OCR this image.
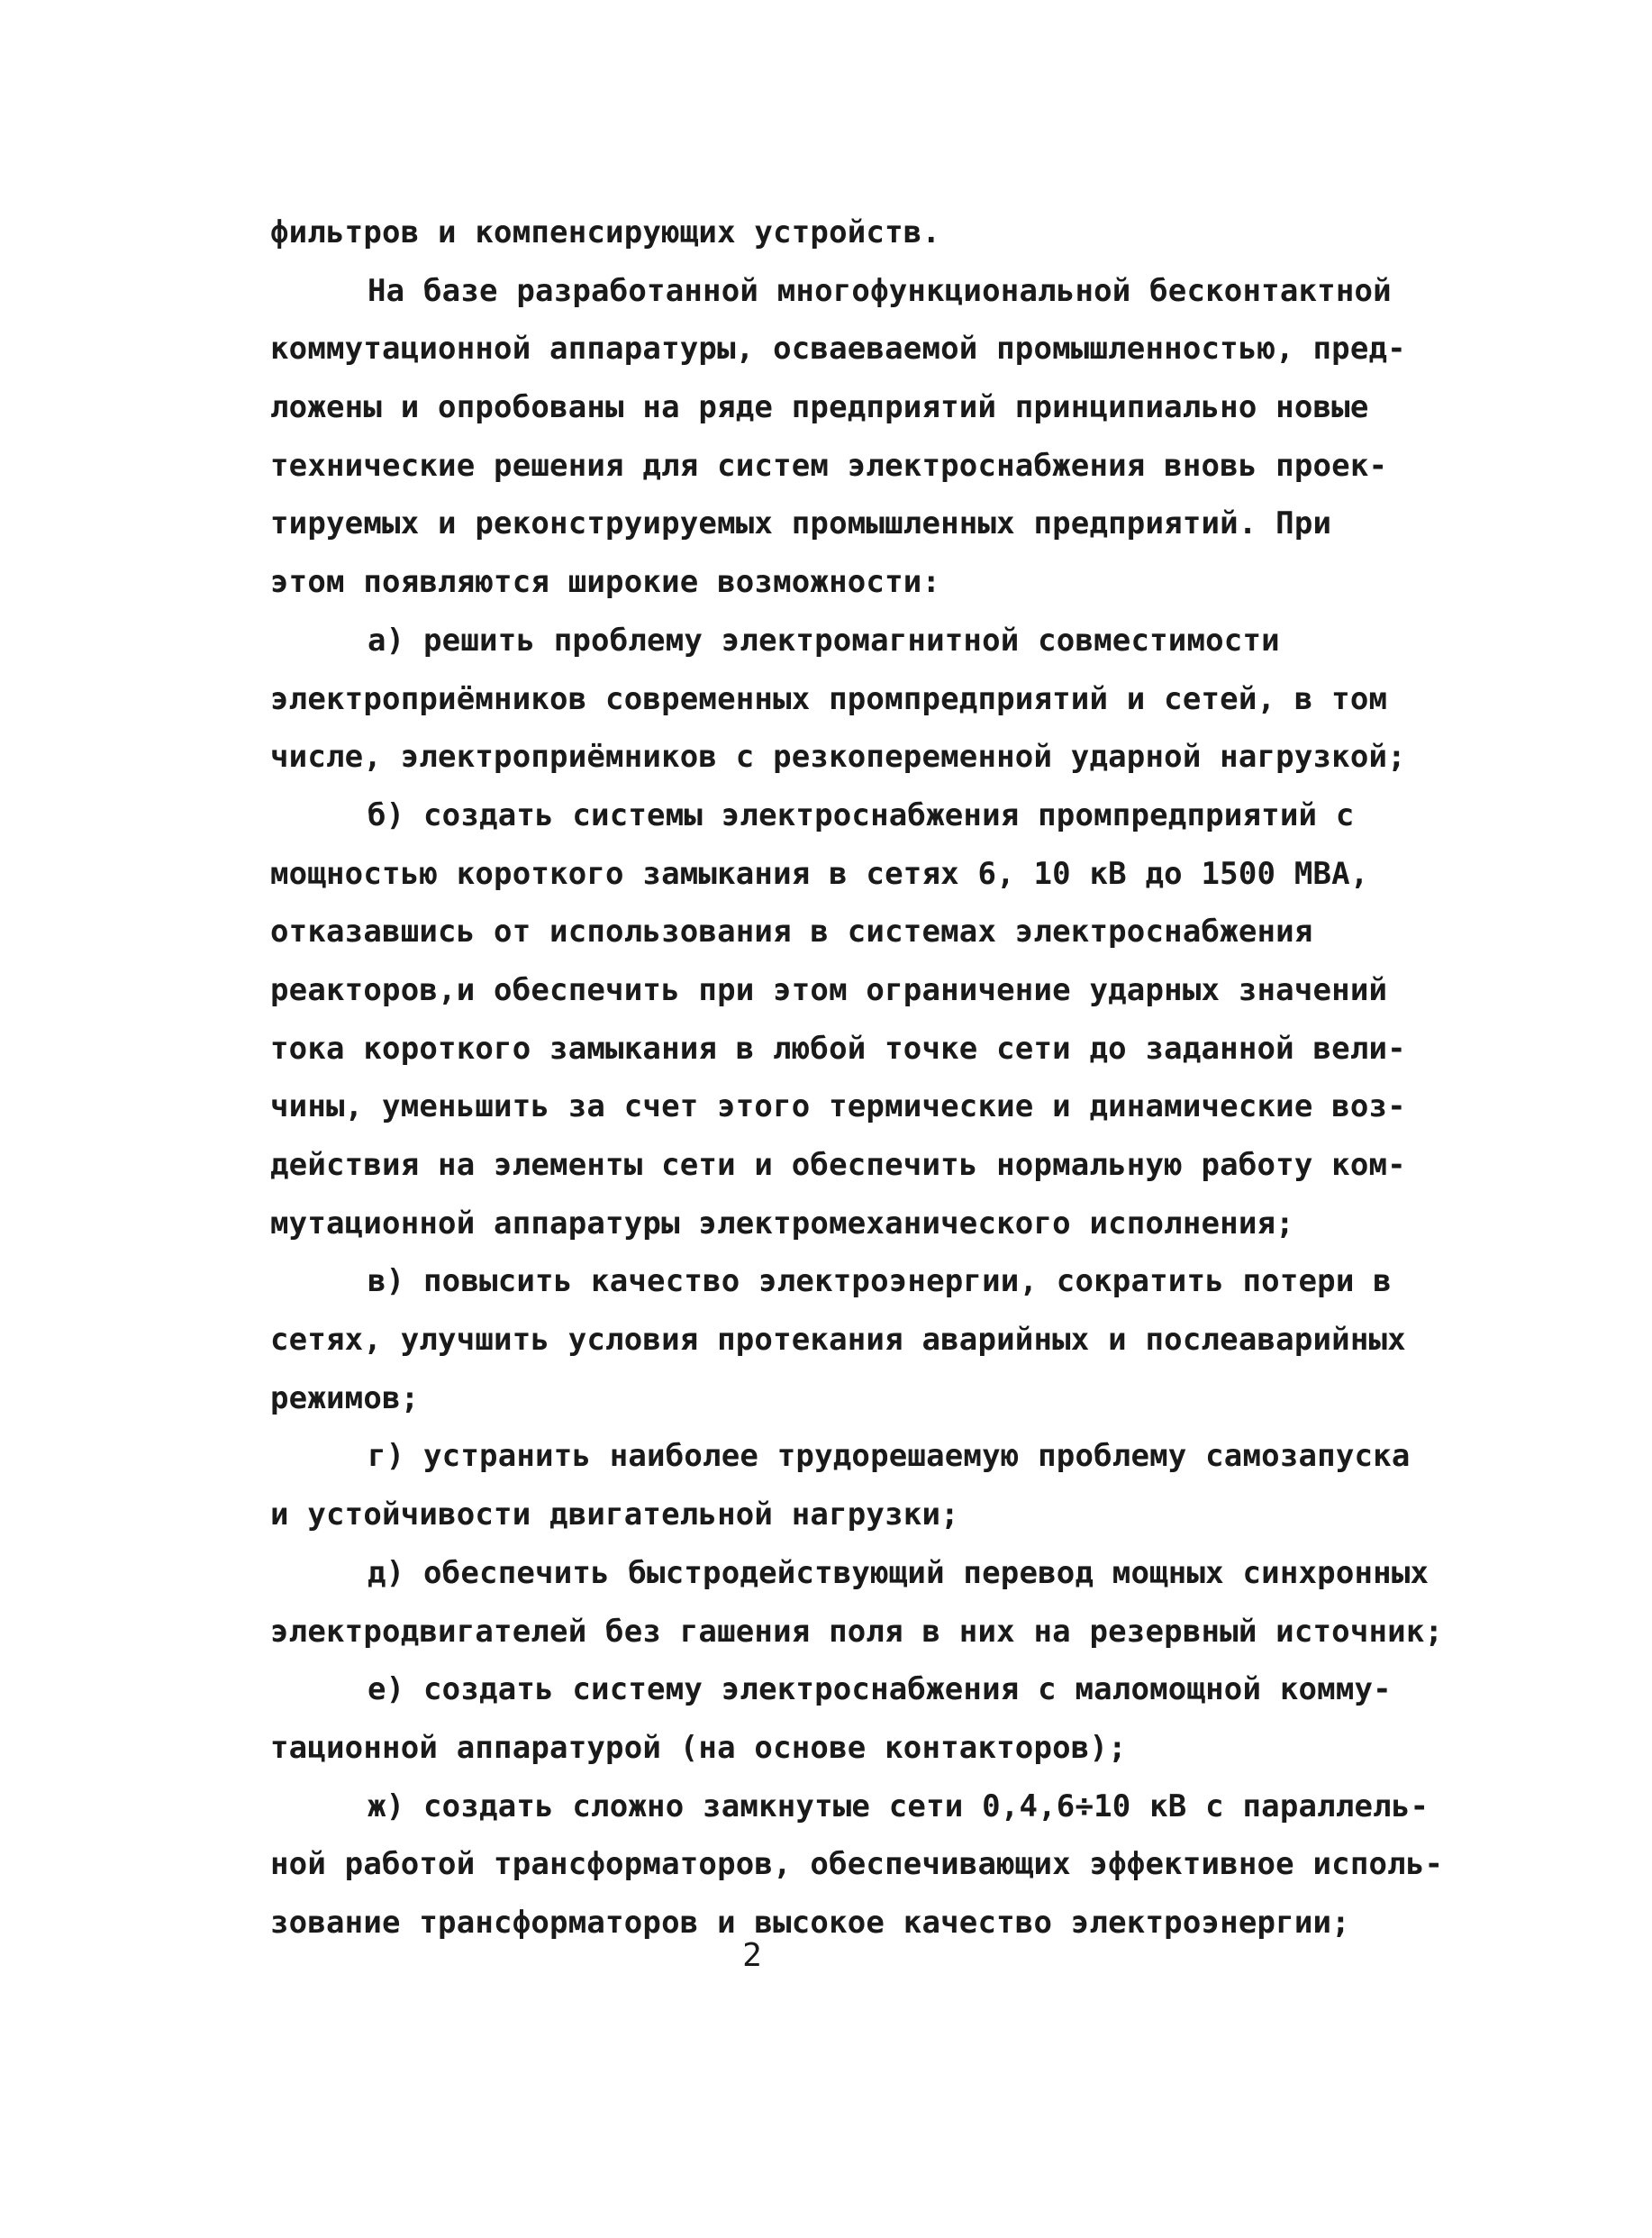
фильтров и компенсирующих устройств.
На базе разработанной многофункциональной бесконтактной
коммутационной аппаратуры, осваеваемой промышленностью, пред-
ложены и опробованы на ряде предприятий принципиально новые
технические решения для систем электроснабжения вновь проек-
тируемых и реконструируемых промышленных предприятий. При
этом появляются широкие возможности:
а) решить проблему электромагнитной совместимости
электроприёмников современных промпредприятий и сетей, в том
числе, электроприёмников с резкопеременной ударной нагрузкой;
б) создать системы электроснабжения промпредприятий с
мощностью короткого замыкания в сетях 6, 10 кВ до 1500 МВА,
отказавшись от использования в системах электроснабжения
реакторов,и обеспечить при этом ограничение ударных значений
тока короткого замыкания в любой точке сети до заданной вели-
чины, уменьшить за счет этого термические и динамические воз-
действия на элементы сети и обеспечить нормальную работу ком-
мутационной аппаратуры электромеханического исполнения;
в) повысить качество электроэнергии, сократить потери в
сетях, улучшить условия протекания аварийных и послеаварийных
режимов;
г) устранить наиболее трудорешаемую проблему самозапуска
и устойчивости двигательной нагрузки;
д) обеспечить быстродействующий перевод мощных синхронных
электродвигателей без гашения поля в них на резервный источник;
е) создать систему электроснабжения с маломощной комму-
тационной аппаратурой (на основе контакторов);
ж) создать сложно замкнутые сети 0,4,6÷10 кВ с параллель-
ной работой трансформаторов, обеспечивающих эффективное исполь-
зование трансформаторов и высокое качество электроэнергии;
2
